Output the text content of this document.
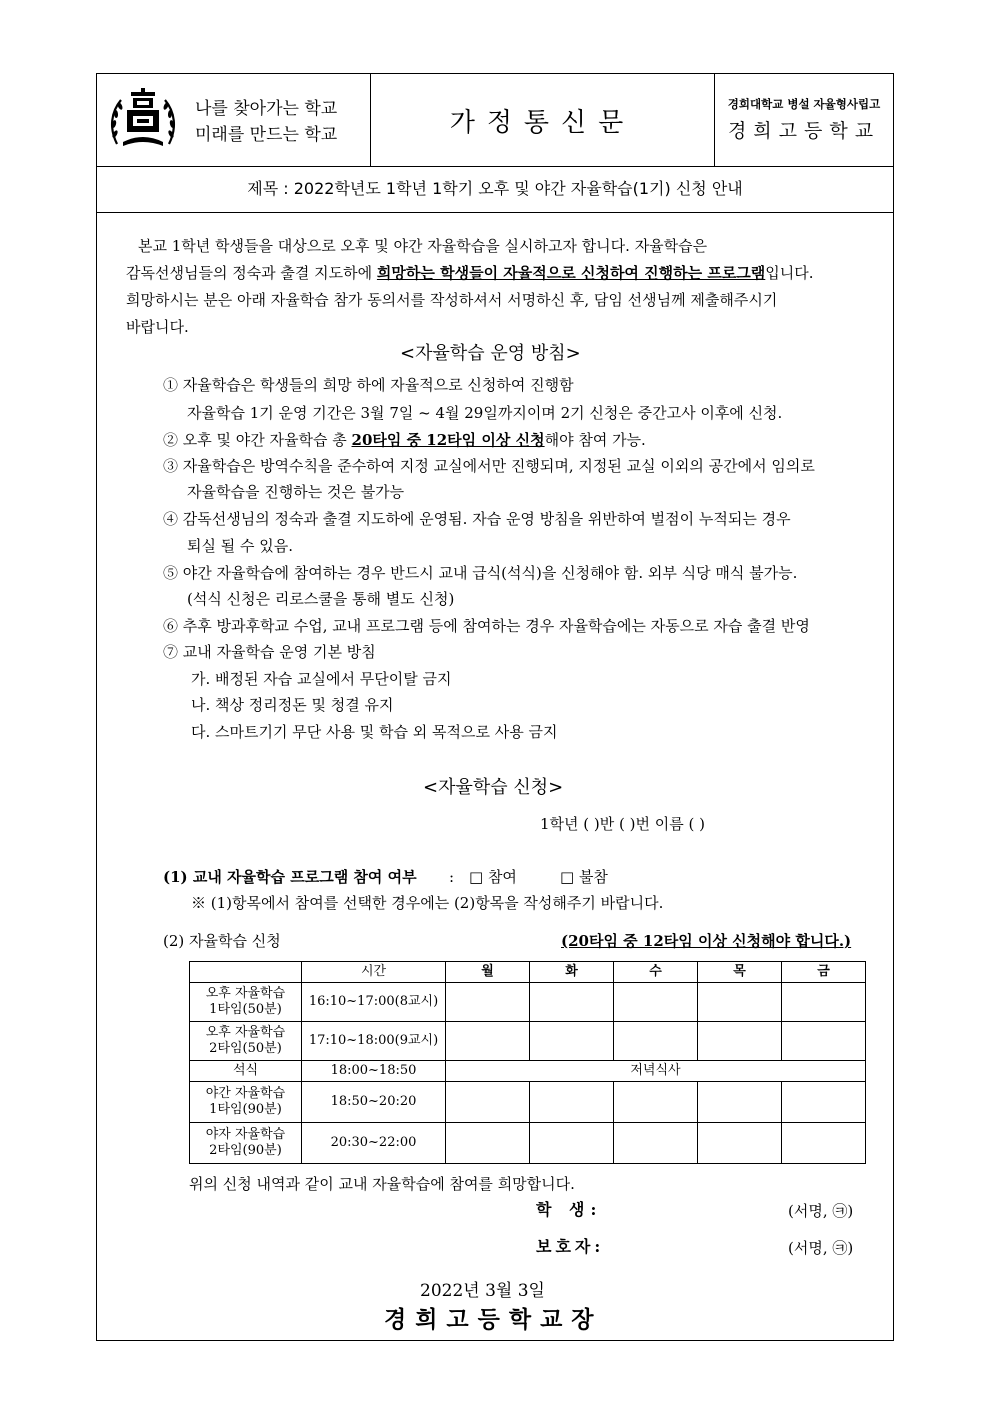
나를 찾아가는 학교
미래를 만드는 학교	가정통신문
경희대학교 병설 자율형사립고
경희고등학교
제목 : 2022학년도 1학년 1학기 오후 및 야간 자율학습(1기) 신청 안내
본교 1학년 학생들을 대상으로 오후 및 야간 자율학습을 실시하고자 합니다. 자율학습은
감독선생님들의 정숙과 출결 지도하에 희망하는 학생들이 자율적으로 신청하여 진행하는 프로그램입니다.
희망하시는 분은 아래 자율학습 참가 동의서를 작성하셔서 서명하신 후, 담임 선생님께 제출해주시기
바랍니다.
<자율학습 운영 방침>
① 자율학습은 학생들의 희망 하에 자율적으로 신청하여 진행함
자율학습 1기 운영 기간은 3월 7일 ~ 4월 29일까지이며 2기 신청은 중간고사 이후에 신청.
② 오후 및 야간 자율학습 총 20타임 중 12타임 이상 신청해야 참여 가능.
③ 자율학습은 방역수칙을 준수하여 지정 교실에서만 진행되며, 지정된 교실 이외의 공간에서 임의로
자율학습을 진행하는 것은 불가능
④ 감독선생님의 정숙과 출결 지도하에 운영됨. 자습 운영 방침을 위반하여 벌점이 누적되는 경우
퇴실 될 수 있음.
⑤ 야간 자율학습에 참여하는 경우 반드시 교내 급식(석식)을 신청해야 함. 외부 식당 매식 불가능.
(석식 신청은 리로스쿨을 통해 별도 신청)
⑥ 추후 방과후학교 수업, 교내 프로그램 등에 참여하는 경우 자율학습에는 자동으로 자습 출결 반영
⑦ 교내 자율학습 운영 기본 방침
가. 배정된 자습 교실에서 무단이탈 금지
나. 책상 정리정돈 및 청결 유지
다. 스마트기기 무단 사용 및 학습 외 목적으로 사용 금지
<자율학습 신청>
1학년 ( )반 ( )번 이름 ( )
(1) 교내 자율학습 프로그램 참여 여부 : □ 참여	□ 불참
※ (1)항목에서 참여를 선택한 경우에는 (2)항목을 작성해주기 바랍니다.
(2) 자율학습 신청	(20타임 중 12타임 이상 신청해야 합니다.)
	시간	월	화	수	목	금

오후 자율학습
1타임(50분)	16:10~17:00(8교시)					

오후 자율학습
2타임(50분)	17:10~18:00(9교시)					
석식	18:00~18:50	저녁식사				

야간 자율학습
1타임(90분)	18:50~20:20					

야자 자율학습
2타임(90분)	20:30~22:00					
위의 신청 내역과 같이 교내 자율학습에 참여를 희망합니다.
학 생:	(서명, ㉪)
보호자:	(서명, ㉪)
2022년 3월 3일
경희고등학교장
